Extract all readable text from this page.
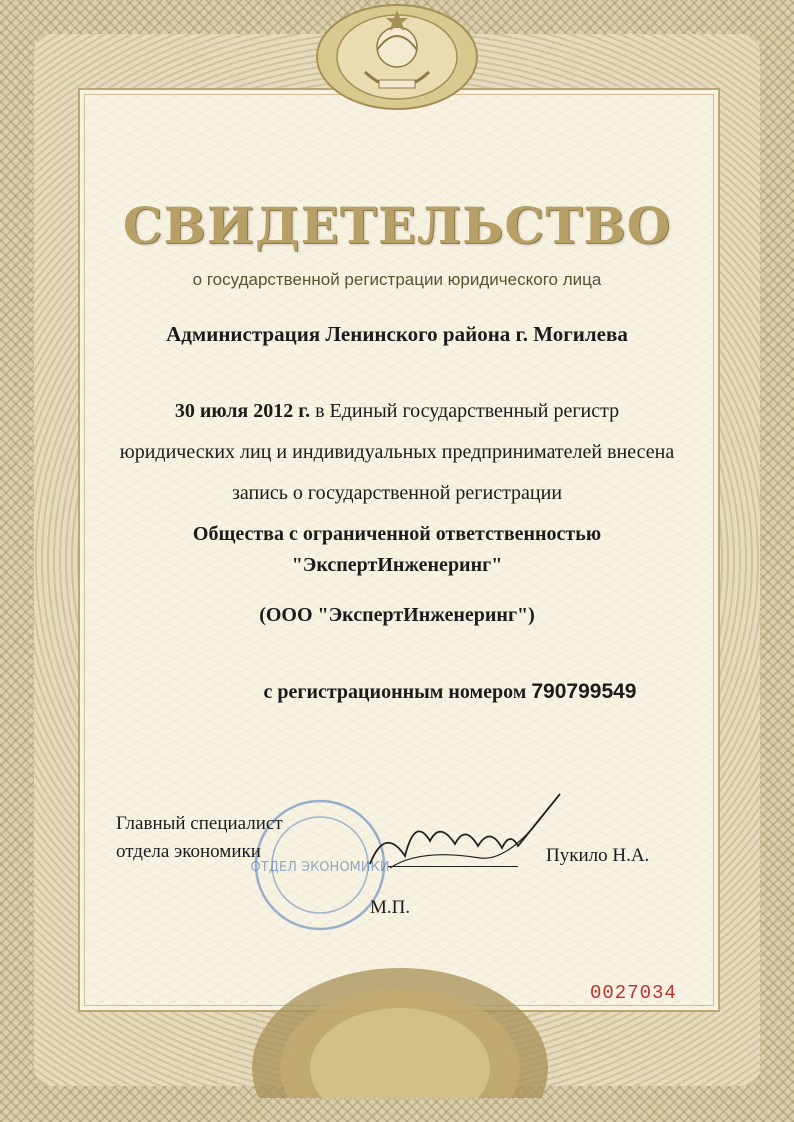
СВИДЕТЕЛЬСТВО
о государственной регистрации юридического лица
Администрация Ленинского района г. Могилева
30 июля 2012 г. в Единый государственный регистр
юридических лиц и индивидуальных предпринимателей внесена
запись о государственной регистрации
Общества с ограниченной ответственностью
"ЭкспертИнженеринг"
(ООО "ЭкспертИнженеринг")
с регистрационным номером 790799549
ОТДЕЛ ЭКОНОМИКИ
Главный специалист
отдела экономики	Пукило Н.А.
М.П.
0027034
